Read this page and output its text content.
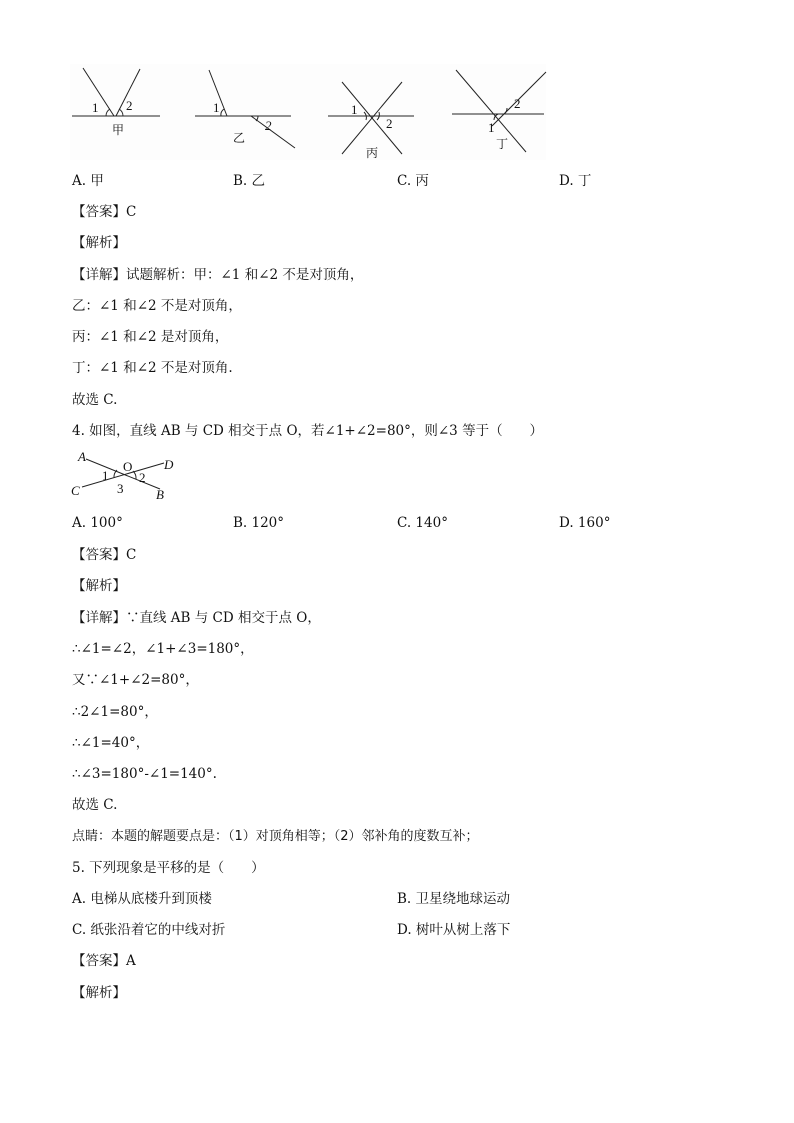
1 2
甲
1
2
乙
1
2
丙
1
2
丁
A. 甲	B. 乙	C. 丙	D. 丁
【答案】C
【解析】
【详解】试题解析：甲：∠1 和∠2 不是对顶角，
乙：∠1 和∠2 不是对顶角，
丙：∠1 和∠2 是对顶角，
丁：∠1 和∠2 不是对顶角.
故选 C.
4. 如图，直线 AB 与 CD 相交于点 O，若∠1+∠2=80°，则∠3 等于（　　）
A
D
C	B
O
1 2
3
A. 100°	B. 120°	C. 140°	D. 160°
【答案】C
【解析】
【详解】∵直线 AB 与 CD 相交于点 O，
∴∠1=∠2，∠1+∠3=180°，
又∵∠1+∠2=80°，
∴2∠1=80°，
∴∠1=40°，
∴∠3=180°-∠1=140°.
故选 C.
点睛：本题的解题要点是：（1）对顶角相等；（2）邻补角的度数互补；
5. 下列现象是平移的是（　　）
A. 电梯从底楼升到顶楼	B. 卫星绕地球运动
C. 纸张沿着它的中线对折	D. 树叶从树上落下
【答案】A
【解析】
